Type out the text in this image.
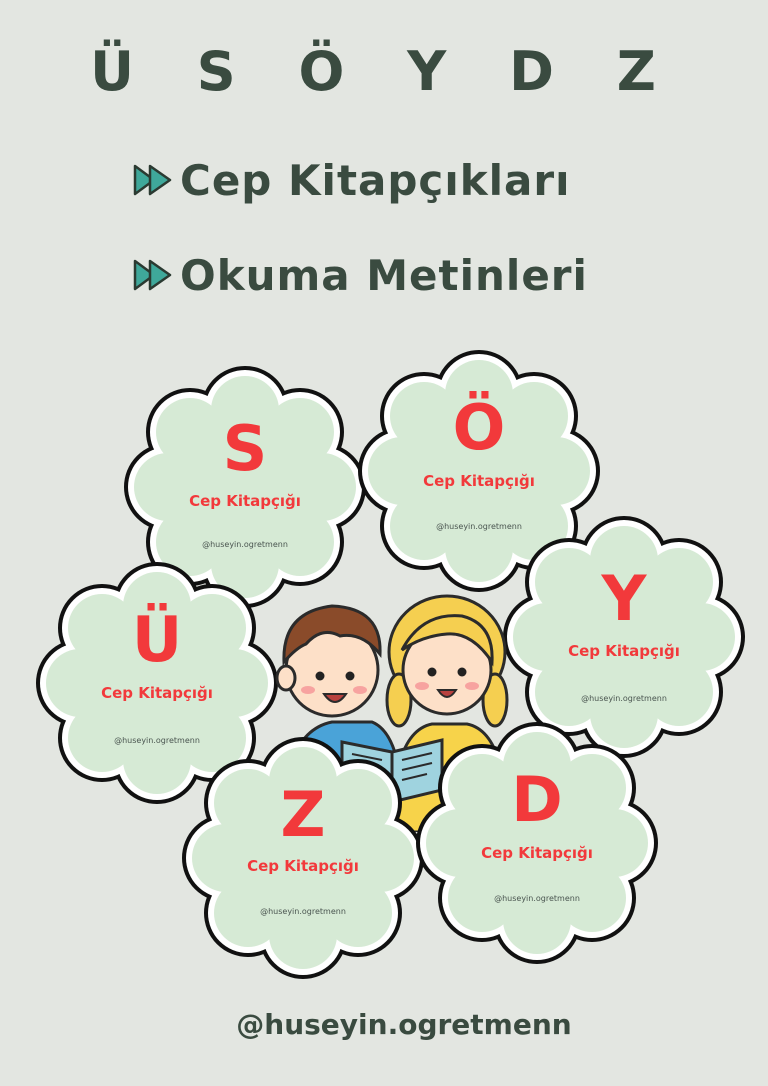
Ü S Ö Y D Z
Cep Kitapçıkları
Okuma Metinleri
S
Cep Kitapçığı
@huseyin.ogretmenn
Ö
Cep Kitapçığı
@huseyin.ogretmenn
Ü
Cep Kitapçığı
@huseyin.ogretmenn
Y
Cep Kitapçığı
@huseyin.ogretmenn
Z
Cep Kitapçığı
@huseyin.ogretmenn
D
Cep Kitapçığı
@huseyin.ogretmenn
@huseyin.ogretmenn
